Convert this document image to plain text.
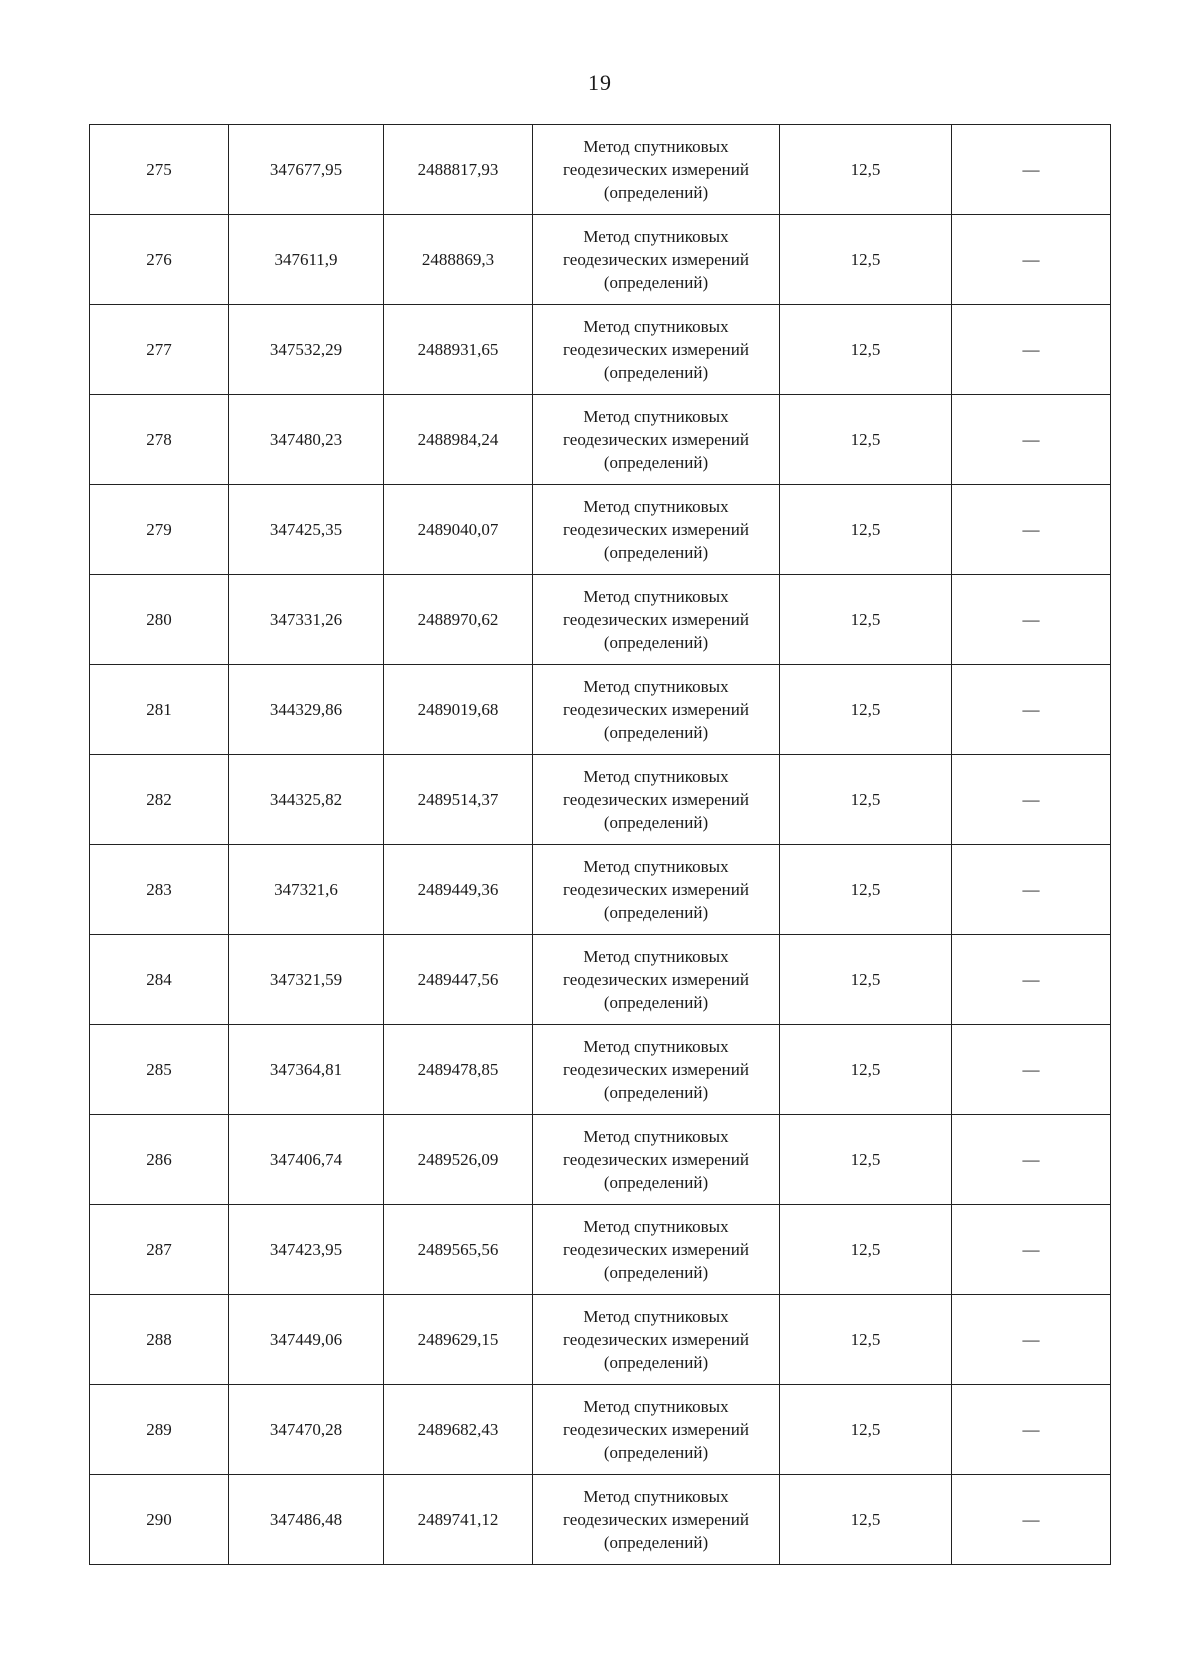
19
275	347677,95	2488817,93	Метод спутниковых
геодезических измерений
(определений)	12,5	—
276	347611,9	2488869,3	Метод спутниковых
геодезических измерений
(определений)	12,5	—
277	347532,29	2488931,65	Метод спутниковых
геодезических измерений
(определений)	12,5	—
278	347480,23	2488984,24	Метод спутниковых
геодезических измерений
(определений)	12,5	—
279	347425,35	2489040,07	Метод спутниковых
геодезических измерений
(определений)	12,5	—
280	347331,26	2488970,62	Метод спутниковых
геодезических измерений
(определений)	12,5	—
281	344329,86	2489019,68	Метод спутниковых
геодезических измерений
(определений)	12,5	—
282	344325,82	2489514,37	Метод спутниковых
геодезических измерений
(определений)	12,5	—
283	347321,6	2489449,36	Метод спутниковых
геодезических измерений
(определений)	12,5	—
284	347321,59	2489447,56	Метод спутниковых
геодезических измерений
(определений)	12,5	—
285	347364,81	2489478,85	Метод спутниковых
геодезических измерений
(определений)	12,5	—
286	347406,74	2489526,09	Метод спутниковых
геодезических измерений
(определений)	12,5	—
287	347423,95	2489565,56	Метод спутниковых
геодезических измерений
(определений)	12,5	—
288	347449,06	2489629,15	Метод спутниковых
геодезических измерений
(определений)	12,5	—
289	347470,28	2489682,43	Метод спутниковых
геодезических измерений
(определений)	12,5	—
290	347486,48	2489741,12	Метод спутниковых
геодезических измерений
(определений)	12,5	—
